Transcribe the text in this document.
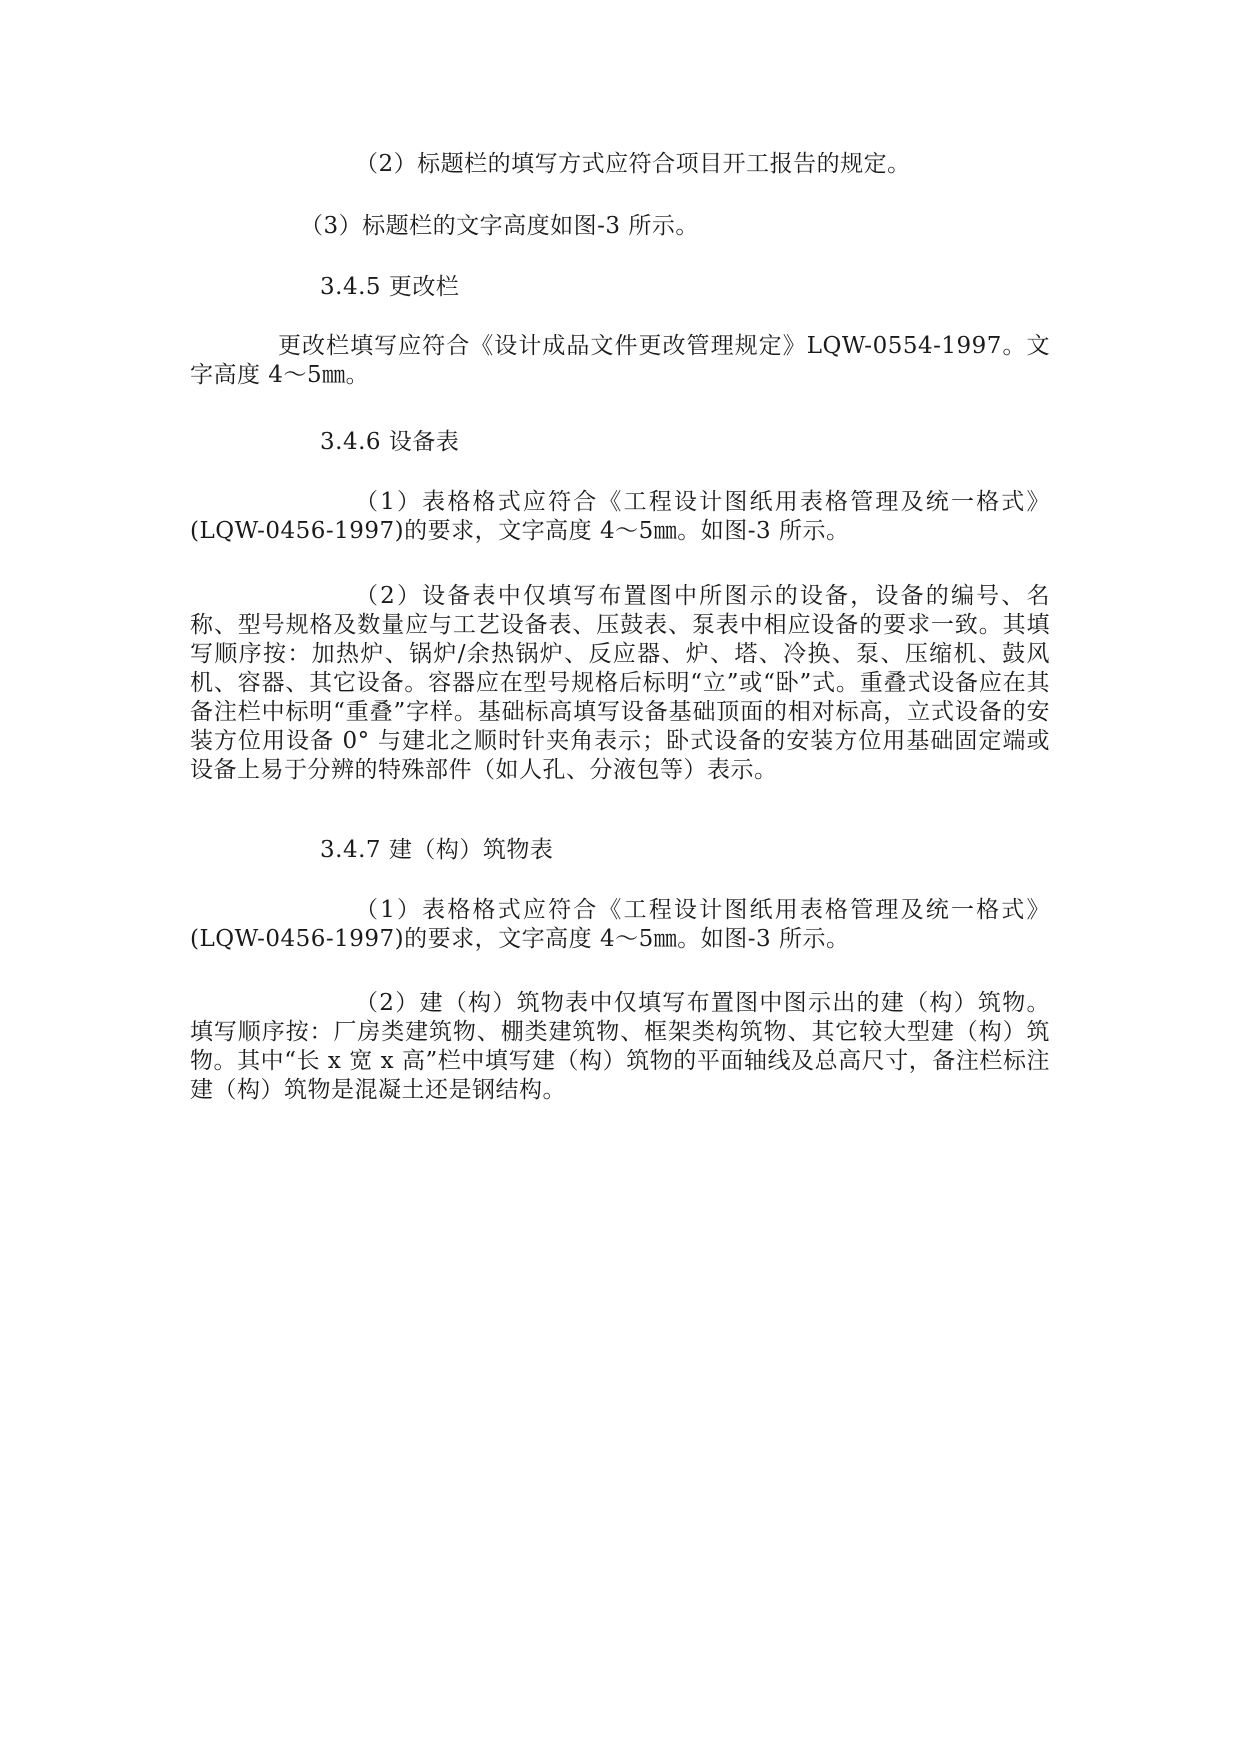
（2）标题栏的填写方式应符合项目开工报告的规定。
（3）标题栏的文字高度如图-3 所示。
3.4.5 更改栏
更改栏填写应符合《设计成品文件更改管理规定》LQW-0554-1997。文字高度 4～5㎜。
3.4.6 设备表
（1）表格格式应符合《工程设计图纸用表格管理及统一格式》(LQW-0456-1997)的要求，文字高度 4～5㎜。如图-3 所示。
（2）设备表中仅填写布置图中所图示的设备，设备的编号、名称、型号规格及数量应与工艺设备表、压鼓表、泵表中相应设备的要求一致。其填写顺序按：加热炉、锅炉/余热锅炉、反应器、炉、塔、冷换、泵、压缩机、鼓风机、容器、其它设备。容器应在型号规格后标明“立”或“卧”式。重叠式设备应在其备注栏中标明“重叠”字样。基础标高填写设备基础顶面的相对标高，立式设备的安装方位用设备 0° 与建北之顺时针夹角表示；卧式设备的安装方位用基础固定端或设备上易于分辨的特殊部件（如人孔、分液包等）表示。
3.4.7 建（构）筑物表
（1）表格格式应符合《工程设计图纸用表格管理及统一格式》(LQW-0456-1997)的要求，文字高度 4～5㎜。如图-3 所示。
（2）建（构）筑物表中仅填写布置图中图示出的建（构）筑物。填写顺序按：厂房类建筑物、棚类建筑物、框架类构筑物、其它较大型建（构）筑物。其中“长 x 宽 x 高”栏中填写建（构）筑物的平面轴线及总高尺寸，备注栏标注建（构）筑物是混凝土还是钢结构。
